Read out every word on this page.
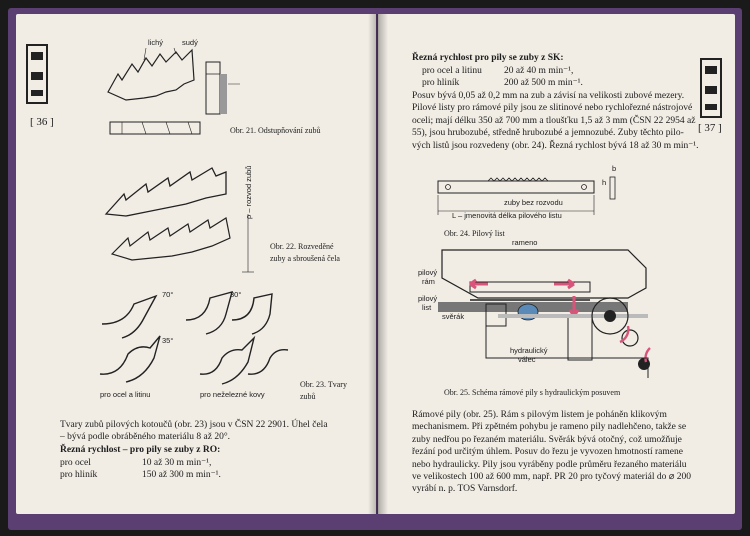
[ 36 ]
lichý	sudý
Obr. 21. Odstupňování zubů
ρ – rozvod zubů
Obr. 22. Rozveděné
zuby a sbroušená čela
70°	30°
35°
pro ocel a litinu	pro neželezné kovy
Obr. 23. Tvary
zubů
Tvary zubů pilových kotoučů (obr. 23) jsou v ČSN 22 2901. Úhel čela
– bývá podle obráběného materiálu 8 až 20°.
Řezná rychlost – pro pily se zuby z RO:
pro ocel	10 až 30 m min⁻¹,
pro hliník	150 až 300 m min⁻¹.
[ 37 ]
Řezná rychlost pro pily se zuby z SK:
pro ocel a litinu	20 až 40 m min⁻¹,
pro hliník	200 až 500 m min⁻¹.
Posuv bývá 0,05 až 0,2 mm na zub a závisí na velikosti zubové mezery.
Pilové listy pro rámové pily jsou ze slitinové nebo rychlořezné nástrojové
oceli; mají délku 350 až 700 mm a tloušťku 1,5 až 3 mm (ČSN 22 2954 až
55), jsou hrubozubé, středně hrubozubé a jemnozubé. Zuby těchto pilo-
vých listů jsou rozvedeny (obr. 24). Řezná rychlost bývá 18 až 30 m min⁻¹.
zuby bez rozvodu
L – jmenovitá délka pilového listu
h
b
Obr. 24. Pilový list
rameno
pilový
rám
pilový
list
svěrák
hydraulický
válec
Obr. 25. Schéma rámové pily s hydraulickým posuvem
Rámové pily (obr. 25). Rám s pilovým listem je poháněn klikovým
mechanismem. Při zpětném pohybu je rameno pily nadlehčeno, takže se
zuby nedřou po řezaném materiálu. Svěrák bývá otočný, což umožňuje
řezání pod určitým úhlem. Posuv do řezu je vyvozen hmotností ramene
nebo hydraulicky. Pily jsou vyráběny podle průměru řezaného materiálu
ve velikostech 100 až 600 mm, např. PR 20 pro tyčový materiál do ⌀ 200
vyrábí n. p. TOS Varnsdorf.
